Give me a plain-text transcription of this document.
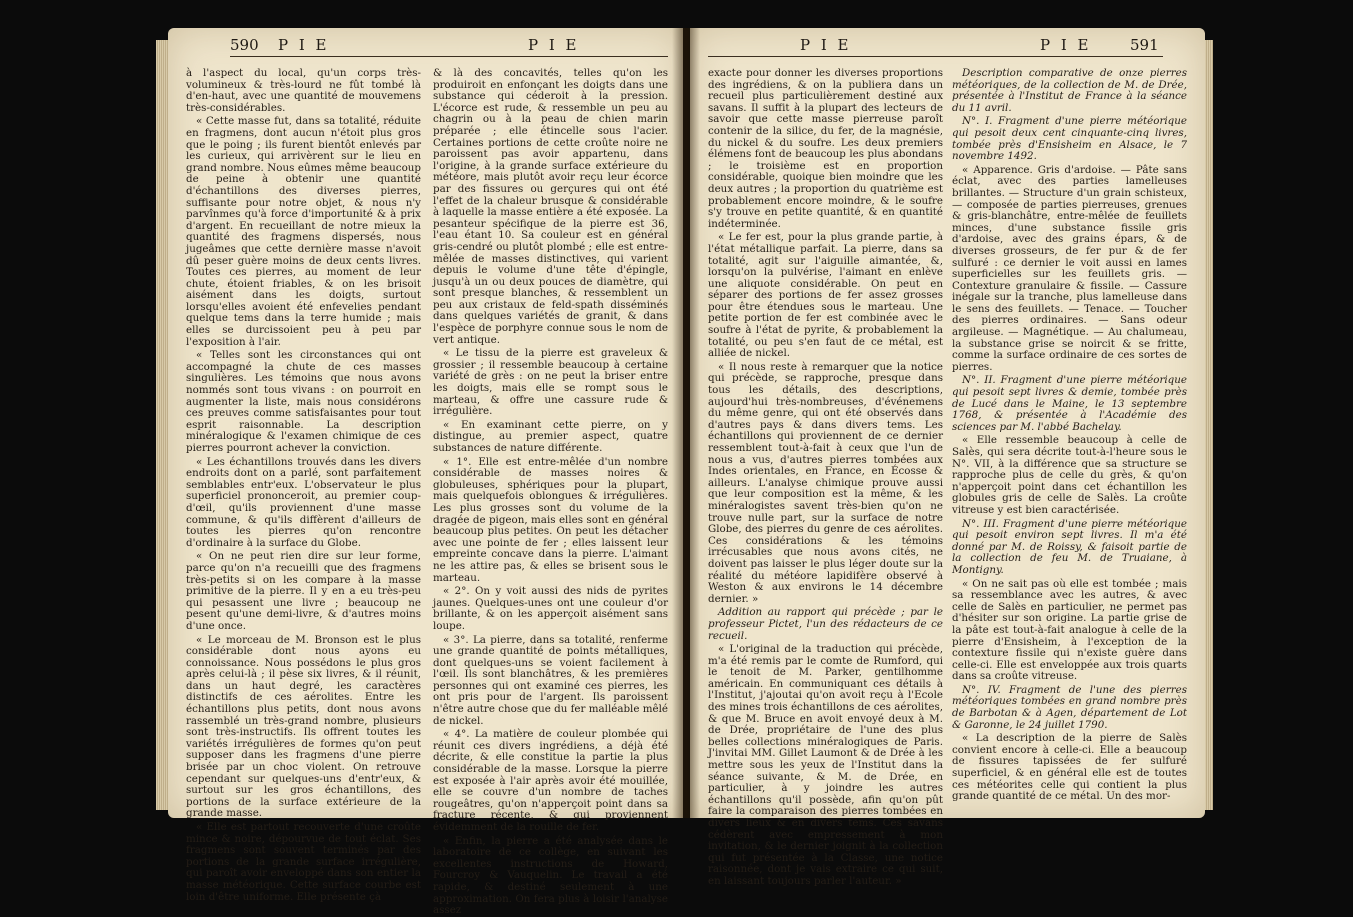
590 P I E	P I E

à l'aspect du local, qu'un corps très-volumineux & très-lourd ne fût tombé là d'en-haut, avec une quantité de mouvemens très-considérables.

« Cette masse fut, dans sa totalité, réduite en fragmens, dont aucun n'étoit plus gros que le poing ; ils furent bientôt enlevés par les curieux, qui arrivèrent sur le lieu en grand nombre. Nous eûmes même beaucoup de peine à obtenir une quantité d'échantillons des diverses pierres, suffisante pour notre objet, & nous n'y parvînmes qu'à force d'importunité & à prix d'argent. En recueillant de notre mieux la quantité des fragmens dispersés, nous jugeâmes que cette dernière masse n'avoit dû peser guère moins de deux cents livres. Toutes ces pierres, au moment de leur chute, étoient friables, & on les brisoit aisément dans les doigts, surtout lorsqu'elles avoient été enfevelies pendant quelque tems dans la terre humide ; mais elles se durcissoient peu à peu par l'exposition à l'air.

« Telles sont les circonstances qui ont accompagné la chute de ces masses singulières. Les témoins que nous avons nommés sont tous vivans : on pourroit en augmenter la liste, mais nous considérons ces preuves comme satisfaisantes pour tout esprit raisonnable. La description minéralogique & l'examen chimique de ces pierres pourront achever la conviction.

« Les échantillons trouvés dans les divers endroits dont on a parlé, sont parfaitement semblables entr'eux. L'observateur le plus superficiel prononceroit, au premier coup-d'œil, qu'ils proviennent d'une masse commune, & qu'ils diffèrent d'ailleurs de toutes les pierres qu'on rencontre d'ordinaire à la surface du Globe.

« On ne peut rien dire sur leur forme, parce qu'on n'a recueilli que des fragmens très-petits si on les compare à la masse primitive de la pierre. Il y en a eu très-peu qui pesassent une livre ; beaucoup ne pesent qu'une demi-livre, & d'autres moins d'une once.

« Le morceau de M. Bronson est le plus considérable dont nous ayons eu connoissance. Nous possédons le plus gros après celui-là ; il pèse six livres, & il réunit, dans un haut degré, les caractères distinctifs de ces aérolites. Entre les échantillons plus petits, dont nous avons rassemblé un très-grand nombre, plusieurs sont très-instructifs. Ils offrent toutes les variétés irrégulières de formes qu'on peut supposer dans les fragmens d'une pierre brisée par un choc violent. On retrouve cependant sur quelques-uns d'entr'eux, & surtout sur les gros échantillons, des portions de la surface extérieure de la grande masse.

« Elle est partout recouverte d'une croûte mince & noire, dépourvue de tout éclat. Ses fragmens sont souvent terminés par des portions de la grande surface irrégulière, qui paroît avoir enveloppé dans son entier la masse météorique. Cette surface courbe est loin d'être uniforme. Elle présente çà

& là des concavités, telles qu'on les produiroit en enfonçant les doigts dans une substance qui céderoit à la pression. L'écorce est rude, & ressemble un peu au chagrin ou à la peau de chien marin préparée ; elle étincelle sous l'acier. Certaines portions de cette croûte noire ne paroissent pas avoir appartenu, dans l'origine, à la grande surface extérieure du météore, mais plutôt avoir reçu leur écorce par des fissures ou gerçures qui ont été l'effet de la chaleur brusque & considérable à laquelle la masse entière a été exposée. La pesanteur spécifique de la pierre est 36, l'eau étant 10. Sa couleur est en général gris-cendré ou plutôt plombé ; elle est entre-mêlée de masses distinctives, qui varient depuis le volume d'une tête d'épingle, jusqu'à un ou deux pouces de diamètre, qui sont presque blanches, & ressemblent un peu aux cristaux de feld-spath disséminés dans quelques variétés de granit, & dans l'espèce de porphyre connue sous le nom de vert antique.

« Le tissu de la pierre est graveleux & grossier ; il ressemble beaucoup à certaine variété de grès : on ne peut la briser entre les doigts, mais elle se rompt sous le marteau, & offre une cassure rude & irrégulière.

« En examinant cette pierre, on y distingue, au premier aspect, quatre substances de nature différente.

« 1°. Elle est entre-mêlée d'un nombre considérable de masses noires & globuleuses, sphériques pour la plupart, mais quelquefois oblongues & irrégulières. Les plus grosses sont du volume de la dragée de pigeon, mais elles sont en général beaucoup plus petites. On peut les détacher avec une pointe de fer ; elles laissent leur empreinte concave dans la pierre. L'aimant ne les attire pas, & elles se brisent sous le marteau.

« 2°. On y voit aussi des nids de pyrites jaunes. Quelques-unes ont une couleur d'or brillante, & on les apperçoit aisément sans loupe.

« 3°. La pierre, dans sa totalité, renferme une grande quantité de points métalliques, dont quelques-uns se voient facilement à l'œil. Ils sont blanchâtres, & les premières personnes qui ont examiné ces pierres, les ont pris pour de l'argent. Ils paroissent n'être autre chose que du fer malléable mêlé de nickel.

« 4°. La matière de couleur plombée qui réunit ces divers ingrédiens, a déjà été décrite, & elle constitue la partie la plus considérable de la masse. Lorsque la pierre est exposée à l'air après avoir été mouillée, elle se couvre d'un nombre de taches rougeâtres, qu'on n'apperçoit point dans sa fracture récente, & qui proviennent évidemment de la rouille de fer.

« Enfin, la pierre a été analysée dans le laboratoire de ce collège, en suivant les excellentes instructions de Howard, Fourcroy & Vauquelin. Le travail a été rapide, & destiné seulement à une approximation. On fera plus à loisir l'analyse assez

P I E	P I E	591

exacte pour donner les diverses proportions des ingrédiens, & on la publiera dans un recueil plus particulièrement destiné aux savans. Il suffit à la plupart des lecteurs de savoir que cette masse pierreuse paroît contenir de la silice, du fer, de la magnésie, du nickel & du soufre. Les deux premiers élémens font de beaucoup les plus abondans ; le troisième est en proportion considérable, quoique bien moindre que les deux autres ; la proportion du quatrième est probablement encore moindre, & le soufre s'y trouve en petite quantité, & en quantité indéterminée.

« Le fer est, pour la plus grande partie, à l'état métallique parfait. La pierre, dans sa totalité, agit sur l'aiguille aimantée, &, lorsqu'on la pulvérise, l'aimant en enlève une aliquote considérable. On peut en séparer des portions de fer assez grosses pour être étendues sous le marteau. Une petite portion de fer est combinée avec le soufre à l'état de pyrite, & probablement la totalité, ou peu s'en faut de ce métal, est alliée de nickel.

« Il nous reste à remarquer que la notice qui précède, se rapproche, presque dans tous les détails, des descriptions, aujourd'hui très-nombreuses, d'événemens du même genre, qui ont été observés dans d'autres pays & dans divers tems. Les échantillons qui proviennent de ce dernier ressemblent tout-à-fait à ceux que l'un de nous a vus, d'autres pierres tombées aux Indes orientales, en France, en Écosse & ailleurs. L'analyse chimique prouve aussi que leur composition est la même, & les minéralogistes savent très-bien qu'on ne trouve nulle part, sur la surface de notre Globe, des pierres du genre de ces aérolites. Ces considérations & les témoins irrécusables que nous avons cités, ne doivent pas laisser le plus léger doute sur la réalité du météore lapidifère observé à Weston & aux environs le 14 décembre dernier. »

Addition au rapport qui précède ; par le professeur Pictet, l'un des rédacteurs de ce recueil.

« L'original de la traduction qui précède, m'a été remis par le comte de Rumford, qui le tenoit de M. Parker, gentilhomme américain. En communiquant ces détails à l'Institut, j'ajoutai qu'on avoit reçu à l'Ecole des mines trois échantillons de ces aérolites, & que M. Bruce en avoit envoyé deux à M. de Drée, propriétaire de l'une des plus belles collections minéralogiques de Paris. J'invitai MM. Gillet Laumont & de Drée à les mettre sous les yeux de l'Institut dans la séance suivante, & M. de Drée, en particulier, à y joindre les autres échantillons qu'il possède, afin qu'on pût faire la comparaison des pierres tombées en divers lieux & en divers tems. Ces savans cédèrent avec empressement à mon invitation, & le dernier joignit à la collection qui fut présentée à la Classe, une notice raisonnée, dont je vais extraire ce qui suit, en laissant toujours parler l'auteur. »

Description comparative de onze pierres météoriques, de la collection de M. de Drée, présentée à l'Institut de France à la séance du 11 avril.

N°. I. Fragment d'une pierre météorique qui pesoit deux cent cinquante-cinq livres, tombée près d'Ensisheim en Alsace, le 7 novembre 1492.

« Apparence. Gris d'ardoise. — Pâte sans éclat, avec des parties lamelleuses brillantes. — Structure d'un grain schisteux, — composée de parties pierreuses, grenues & gris-blanchâtre, entre-mêlée de feuillets minces, d'une substance fissile gris d'ardoise, avec des grains épars, & de diverses grosseurs, de fer pur & de fer sulfuré : ce dernier le voit aussi en lames superficielles sur les feuillets gris. — Contexture granulaire & fissile. — Cassure inégale sur la tranche, plus lamelleuse dans le sens des feuillets. — Tenace. — Toucher des pierres ordinaires. — Sans odeur argileuse. — Magnétique. — Au chalumeau, la substance grise se noircit & se fritte, comme la surface ordinaire de ces sortes de pierres.

N°. II. Fragment d'une pierre météorique qui pesoit sept livres & demie, tombée près de Lucé dans le Maine, le 13 septembre 1768, & présentée à l'Académie des sciences par M. l'abbé Bachelay.

« Elle ressemble beaucoup à celle de Salès, qui sera décrite tout-à-l'heure sous le N°. VII, à la différence que sa structure se rapproche plus de celle du grès, & qu'on n'apperçoit point dans cet échantillon les globules gris de celle de Salès. La croûte vitreuse y est bien caractérisée.

N°. III. Fragment d'une pierre météorique qui pesoit environ sept livres. Il m'a été donné par M. de Roissy, & faisoit partie de la collection de feu M. de Truaiane, à Montigny.

« On ne sait pas où elle est tombée ; mais sa ressemblance avec les autres, & avec celle de Salès en particulier, ne permet pas d'hésiter sur son origine. La partie grise de la pâte est tout-à-fait analogue à celle de la pierre d'Ensisheim, à l'exception de la contexture fissile qui n'existe guère dans celle-ci. Elle est enveloppée aux trois quarts dans sa croûte vitreuse.

N°. IV. Fragment de l'une des pierres météoriques tombées en grand nombre près de Barbotan & à Agen, département de Lot & Garonne, le 24 juillet 1790.

« La description de la pierre de Salès convient encore à celle-ci. Elle a beaucoup de fissures tapissées de fer sulfuré superficiel, & en général elle est de toutes ces météorites celle qui contient la plus grande quantité de ce métal. Un des mor-
